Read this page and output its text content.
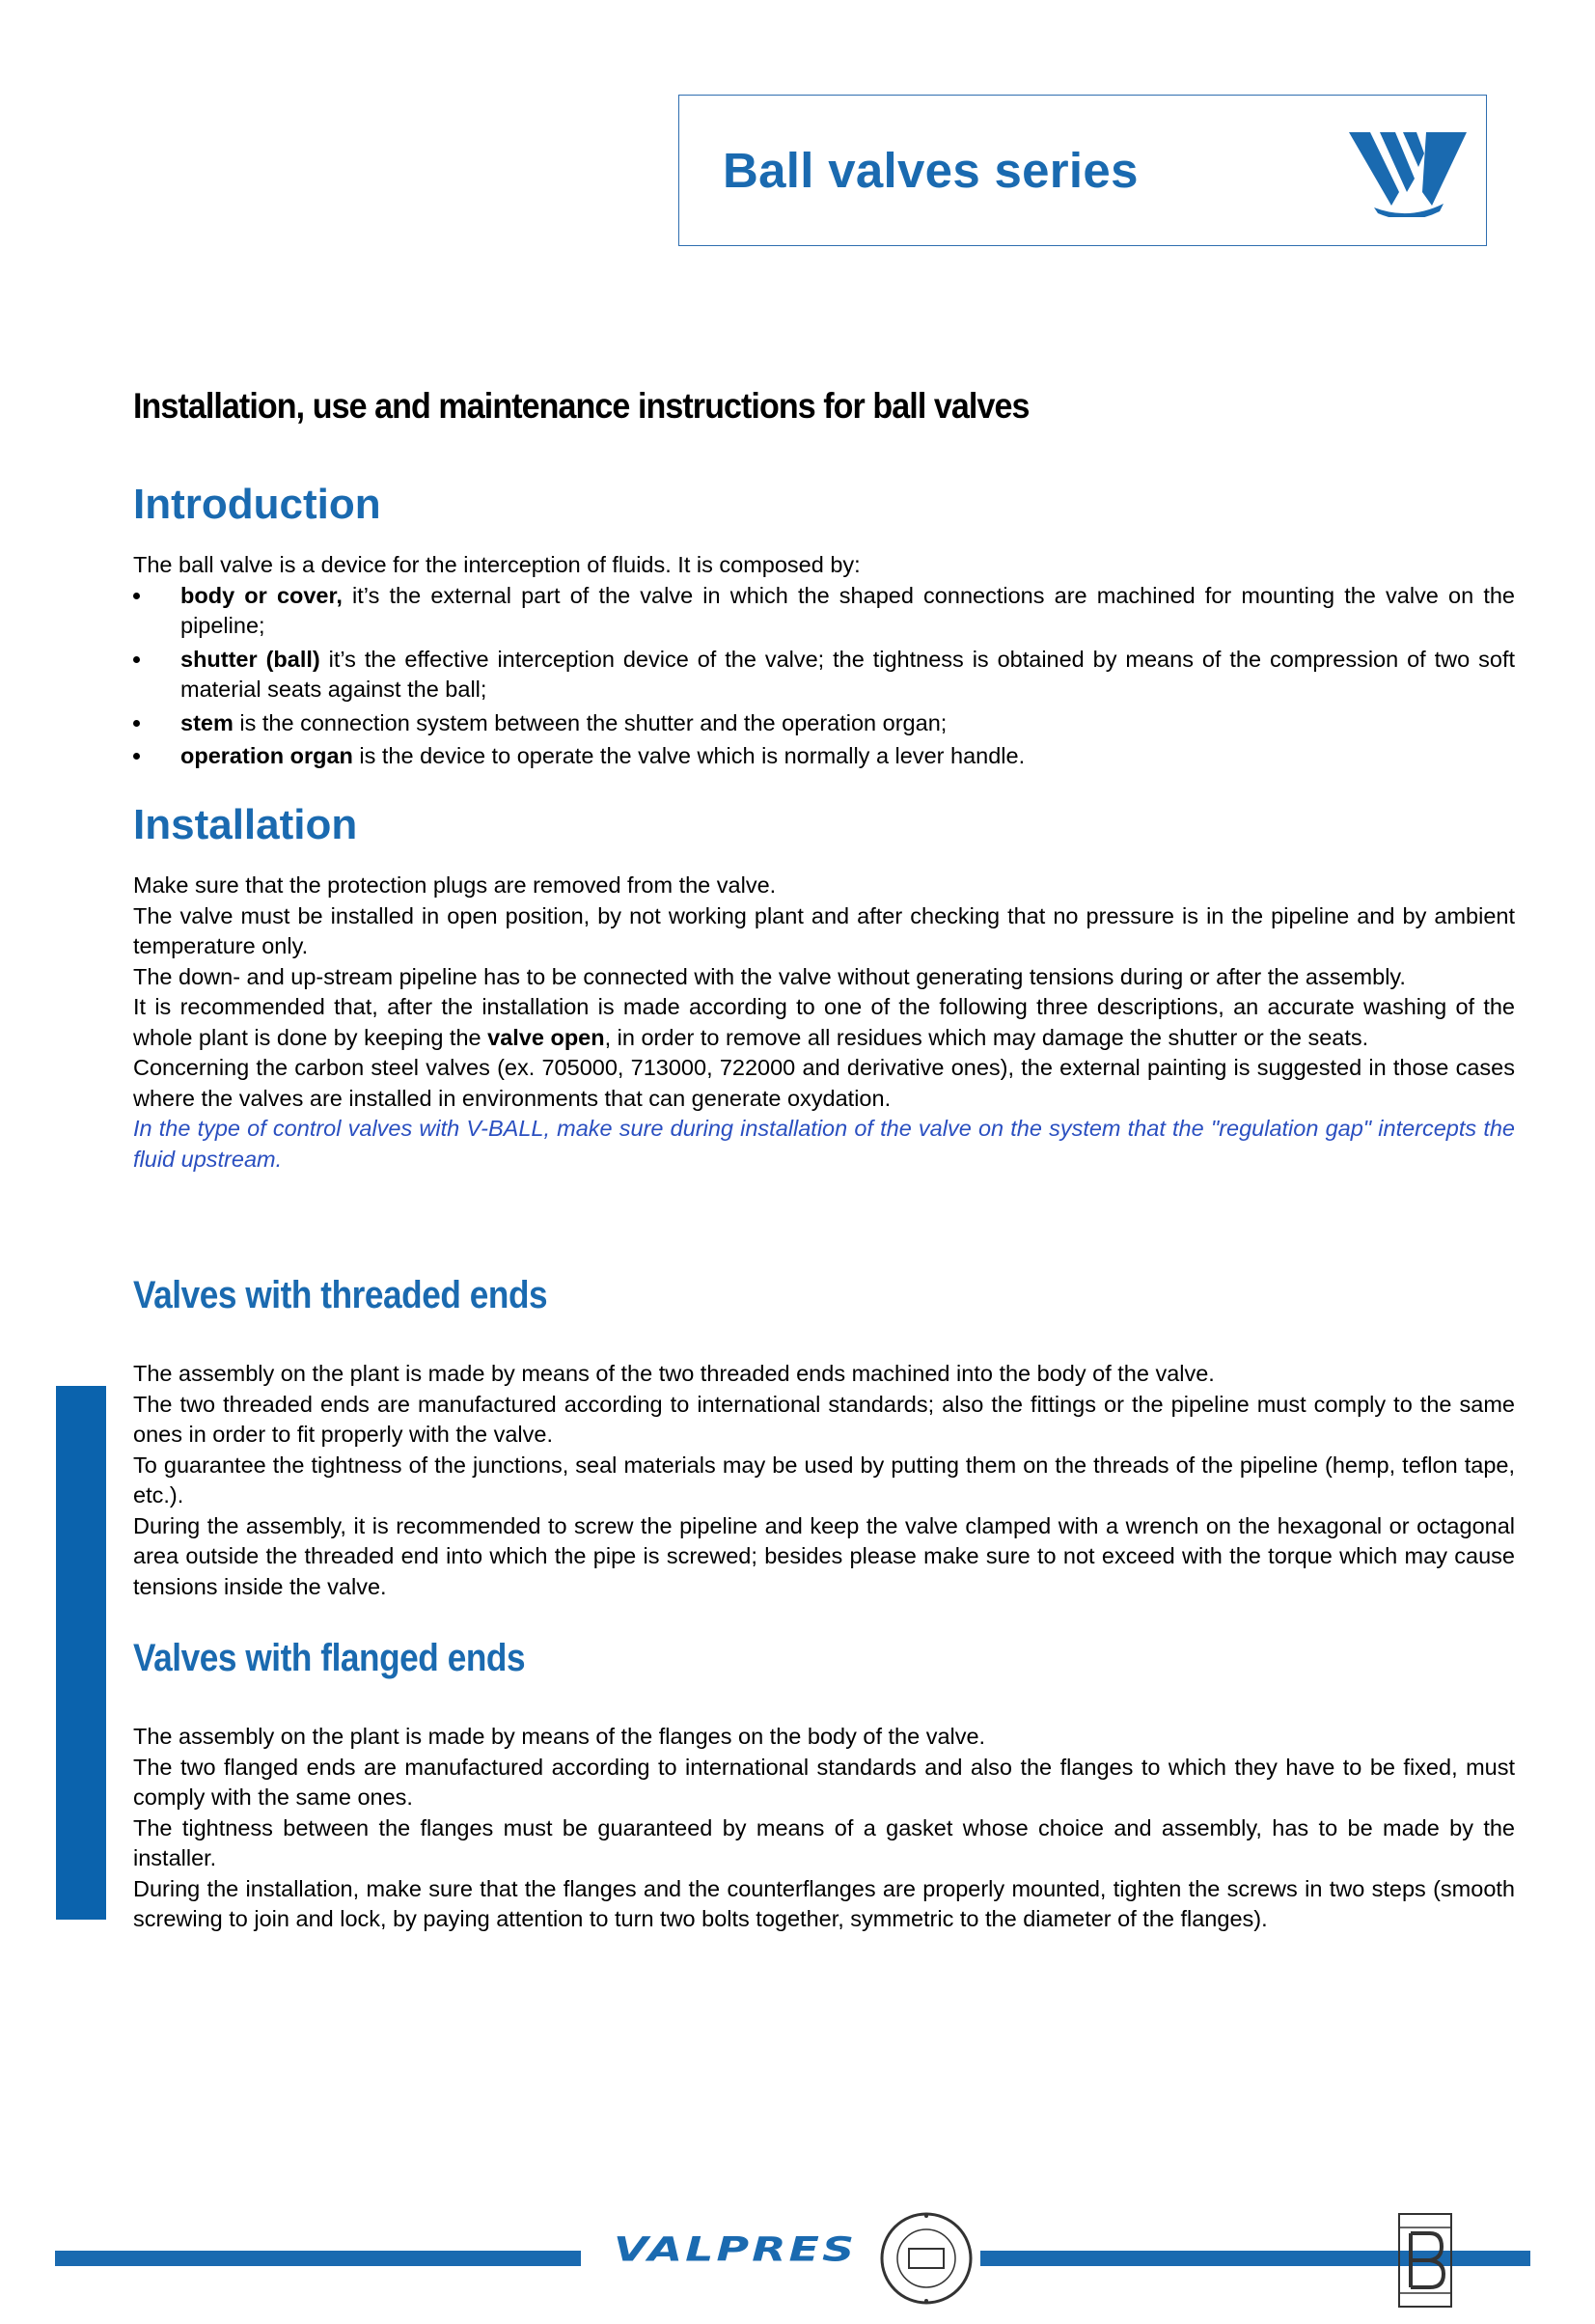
Ball valves series
Installation, use and maintenance instructions for ball valves
Introduction

The ball valve is a device for the interception of fluids. It is composed by:

body or cover, it’s the external part of the valve in which the shaped connections are machined for mounting the valve on the pipeline;
shutter (ball) it’s the effective interception device of the valve; the tightness is obtained by means of the compression of two soft material seats against the ball;
stem is the connection system between the shutter and the operation organ;
operation organ is the device to operate the valve which is normally a lever handle.
Installation

Make sure that the protection plugs are removed from the valve.

The valve must be installed in open position, by not working plant and after checking that no pressure is in the pipeline and by ambient temperature only.

The down- and up-stream pipeline has to be connected with the valve without generating tensions during or after the assembly.

It is recommended that, after the installation is made according to one of the following three descriptions, an accurate washing of the whole plant is done by keeping the valve open, in order to remove all residues which may damage the shutter or the seats.

Concerning the carbon steel valves (ex. 705000, 713000, 722000 and derivative ones), the external painting is suggested in those cases where the valves are installed in environments that can generate oxydation.

In the type of control valves with V-BALL, make sure during installation of the valve on the system that the "regulation gap" intercepts the fluid upstream.

Valves with threaded ends

The assembly on the plant is made by means of the two threaded ends machined into the body of the valve.

The two threaded ends are manufactured according to international standards; also the fittings or the pipeline must comply to the same ones in order to fit properly with the valve.

To guarantee the tightness of the junctions, seal materials may be used by putting them on the threads of the pipeline (hemp, teflon tape, etc.).

During the assembly, it is recommended to screw the pipeline and keep the valve clamped with a wrench on the hexagonal or octagonal area outside the threaded end into which the pipe is screwed; besides please make sure to not exceed with the torque which may cause tensions inside the valve.

Valves with flanged ends

The assembly on the plant is made by means of the flanges on the body of the valve.

The two flanged ends are manufactured according to international standards and also the flanges to which they have to be fixed, must comply with the same ones.

The tightness between the flanges must be guaranteed by means of a gasket whose choice and assembly, has to be made by the installer.

During the installation, make sure that the flanges and the counterflanges are properly mounted, tighten the screws in two steps (smooth screwing to join and lock, by paying attention to turn two bolts together, symmetric to the diameter of the flanges).

VALPRES
